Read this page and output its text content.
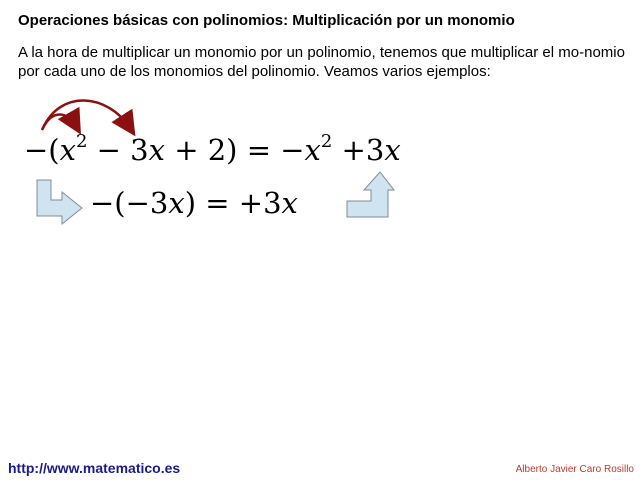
Operaciones básicas con polinomios: Multiplicación por un monomio
A la hora de multiplicar un monomio por un polinomio, tenemos que multiplicar el mo-nomio por cada uno de los monomios del polinomio. Veamos varios ejemplos:
$-(x^2 - 3x + 2) = -x^2 +3x$
−(−3x) = +3x
http://www.matematico.es	Alberto Javier Caro Rosillo
